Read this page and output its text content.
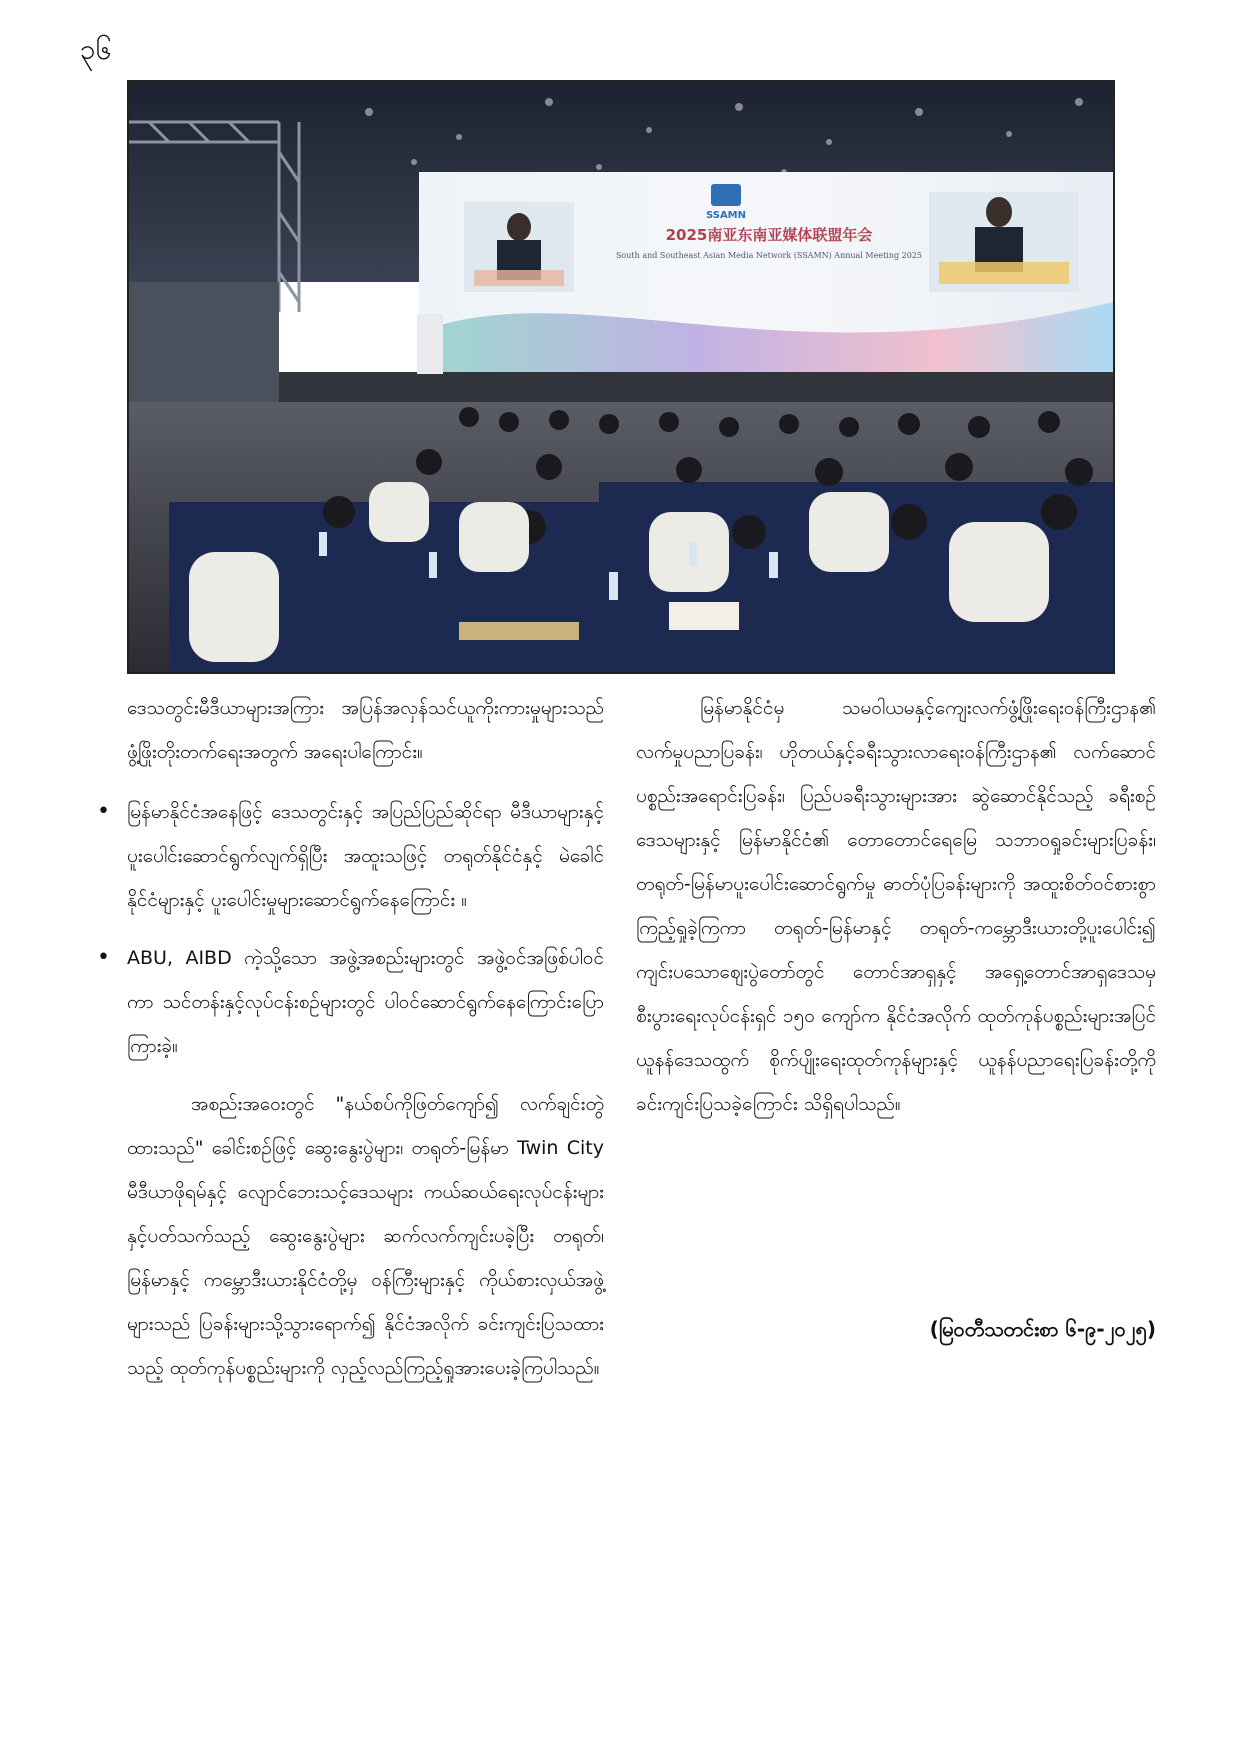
၃၆
SSAMN
2025南亚东南亚媒体联盟年会
South and Southeast Asian Media Network (SSAMN) Annual Meeting 2025

ဒေသတွင်းမီဒီယာများအကြား အပြန်အလှန်သင်ယူကိုးကားမှုများသည် ဖွံ့ဖြိုးတိုးတက်ရေးအတွက် အရေးပါကြောင်း။

• မြန်မာနိုင်ငံအနေဖြင့် ဒေသတွင်းနှင့် အပြည်ပြည်ဆိုင်ရာ မီဒီယာများနှင့် ပူးပေါင်းဆောင်ရွက်လျက်ရှိပြီး အထူးသဖြင့် တရုတ်နိုင်ငံနှင့် မဲခေါင်နိုင်ငံများနှင့် ပူးပေါင်းမှုများဆောင်ရွက်နေကြောင်း ။
• ABU, AIBD ကဲ့သို့သော အဖွဲ့အစည်းများတွင် အဖွဲ့ဝင်အဖြစ်ပါဝင်ကာ သင်တန်းနှင့်လုပ်ငန်းစဉ်များတွင် ပါဝင်ဆောင်ရွက်နေကြောင်းပြောကြားခဲ့။

အစည်းအဝေးတွင် "နယ်စပ်ကိုဖြတ်ကျော်၍ လက်ချင်းတွဲထားသည်" ခေါင်းစဉ်ဖြင့် ဆွေးနွေးပွဲများ၊ တရုတ်-မြန်မာ Twin City မီဒီယာဖိုရမ်နှင့် လျောင်ဘေးသင့်ဒေသများ ကယ်ဆယ်ရေးလုပ်ငန်းများနှင့်ပတ်သက်သည့် ဆွေးနွေးပွဲများ ဆက်လက်ကျင်းပခဲ့ပြီး တရုတ်၊ မြန်မာနှင့် ကမ္ဘောဒီးယားနိုင်ငံတို့မှ ဝန်ကြီးများနှင့် ကိုယ်စားလှယ်အဖွဲ့များသည် ပြခန်းများသို့သွားရောက်၍ နိုင်ငံအလိုက် ခင်းကျင်းပြသထားသည့် ထုတ်ကုန်ပစ္စည်းများကို လှည့်လည်ကြည့်ရှုအားပေးခဲ့ကြပါသည်။

မြန်မာနိုင်ငံမှ သမဝါယမနှင့်ကျေးလက်ဖွံ့ဖြိုးရေးဝန်ကြီးဌာန၏ လက်မှုပညာပြခန်း၊ ဟိုတယ်နှင့်ခရီးသွားလာရေးဝန်ကြီးဌာန၏ လက်ဆောင်ပစ္စည်းအရောင်းပြခန်း၊ ပြည်ပခရီးသွားများအား ဆွဲဆောင်နိုင်သည့် ခရီးစဉ်ဒေသများနှင့် မြန်မာနိုင်ငံ၏ တောတောင်ရေမြေ သဘာဝရှုခင်းများပြခန်း၊ တရုတ်-မြန်မာပူးပေါင်းဆောင်ရွက်မှု ဓာတ်ပုံပြခန်းများကို အထူးစိတ်ဝင်စားစွာ ကြည့်ရှုခဲ့ကြကာ တရုတ်-မြန်မာနှင့် တရုတ်-ကမ္ဘောဒီးယားတို့ပူးပေါင်း၍ ကျင်းပသောဈေးပွဲတော်တွင် တောင်အာရှနှင့် အရှေ့တောင်အာရှဒေသမှ စီးပွားရေးလုပ်ငန်းရှင် ၁၅၀ ကျော်က နိုင်ငံအလိုက် ထုတ်ကုန်ပစ္စည်းများအပြင် ယူနန်ဒေသထွက် စိုက်ပျိုးရေးထုတ်ကုန်များနှင့် ယူနန်ပညာရေးပြခန်းတို့ကို ခင်းကျင်းပြသခဲ့ကြောင်း သိရှိရပါသည်။

(မြဝတီသတင်းစာ ၆-၉-၂၀၂၅)
